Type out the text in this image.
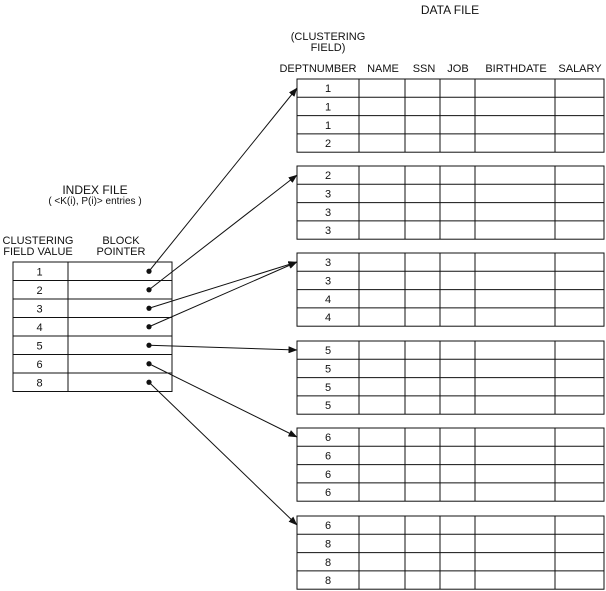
DATA FILE
(CLUSTERING
FIELD)
DEPTNUMBER NAME	SSN	JOB	BIRTHDATE	SALARY
INDEX FILE
( <K(i), P(i)> entries )
CLUSTERING
FIELD VALUE
BLOCK
POINTER
1
1
1
2
2
3
3
3
3
3
4
4
5
5
5
5
6
6
6
6
6
8
8
8
1
2
3
4
5
6
8
